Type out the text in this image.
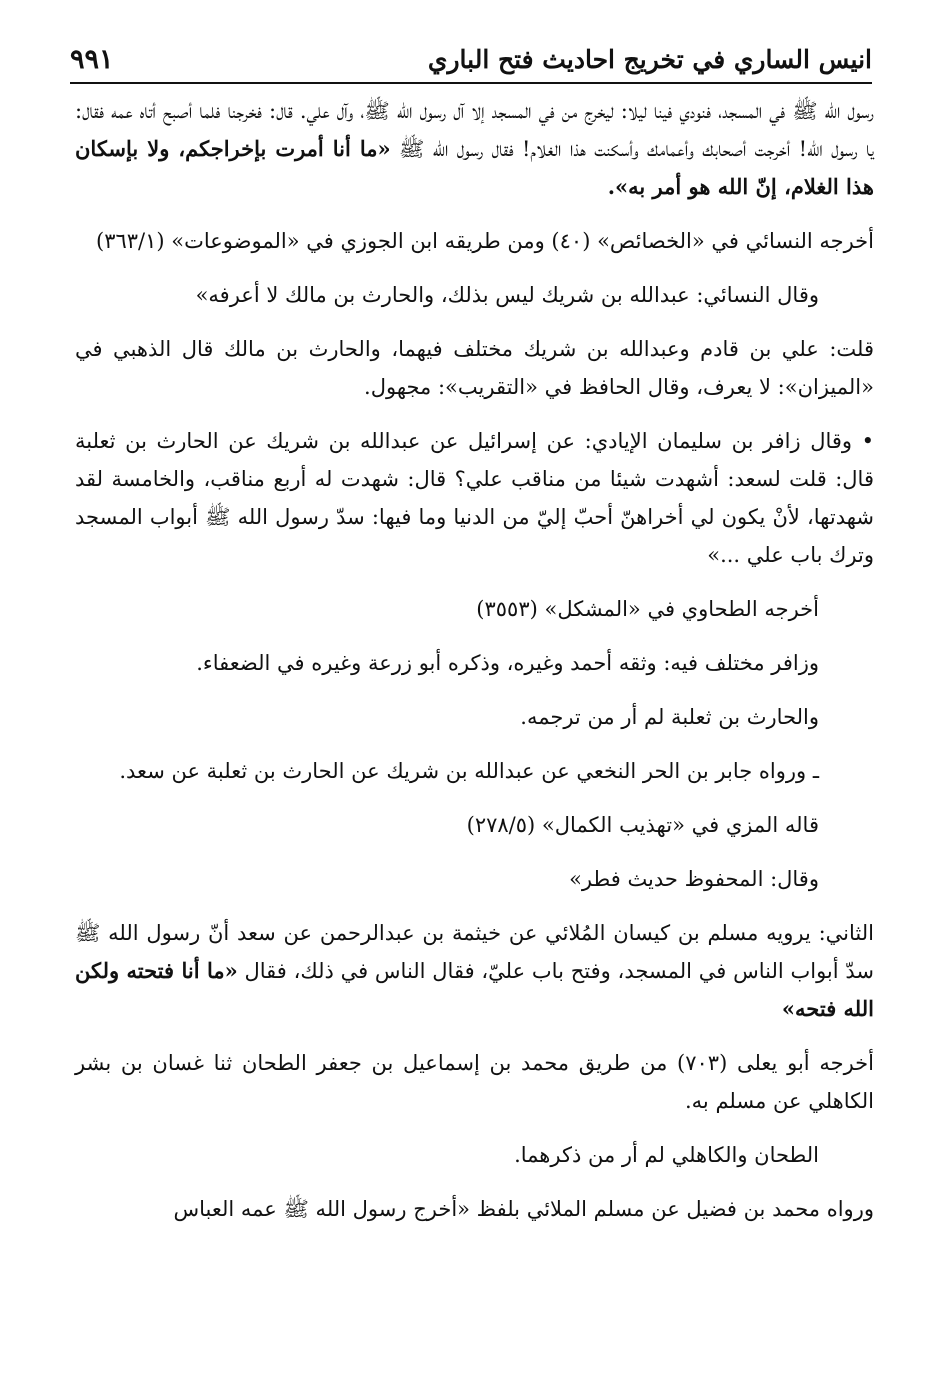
انيس الساري في تخريج احاديث فتح الباري
٩٩١

رسول الله ﷺ في المسجد، فنودي فينا ليلا: ليخرج من في المسجد إلا آل رسول الله ﷺ، وآل علي. قال: فخرجنا فلما أصبح أتاه عمه فقال: يا رسول الله! أخرجت أصحابك وأعمامك وأسكنت هذا الغلام! فقال رسول الله ﷺ «ما أنا أمرت بإخراجكم، ولا بإسكان هذا الغلام، إنّ الله هو أمر به».

أخرجه النسائي في «الخصائص» (٤٠) ومن طريقه ابن الجوزي في «الموضوعات» (٣٦٣/١)

وقال النسائي: عبدالله بن شريك ليس بذلك، والحارث بن مالك لا أعرفه»

قلت: علي بن قادم وعبدالله بن شريك مختلف فيهما، والحارث بن مالك قال الذهبي في «الميزان»: لا يعرف، وقال الحافظ في «التقريب»: مجهول.

• وقال زافر بن سليمان الإيادي: عن إسرائيل عن عبدالله بن شريك عن الحارث بن ثعلبة قال: قلت لسعد: أشهدت شيئا من مناقب علي؟ قال: شهدت له أربع مناقب، والخامسة لقد شهدتها، لأنْ يكون لي أخراهنّ أحبّ إليّ من الدنيا وما فيها: سدّ رسول الله ﷺ أبواب المسجد وترك باب علي ...»

أخرجه الطحاوي في «المشكل» (٣٥٥٣)

وزافر مختلف فيه: وثقه أحمد وغيره، وذكره أبو زرعة وغيره في الضعفاء.

والحارث بن ثعلبة لم أر من ترجمه.

ـ ورواه جابر بن الحر النخعي عن عبدالله بن شريك عن الحارث بن ثعلبة عن سعد.

قاله المزي في «تهذيب الكمال» (٢٧٨/٥)

وقال: المحفوظ حديث فطر»

الثاني: يرويه مسلم بن كيسان المُلائي عن خيثمة بن عبدالرحمن عن سعد أنّ رسول الله ﷺ سدّ أبواب الناس في المسجد، وفتح باب عليّ، فقال الناس في ذلك، فقال «ما أنا فتحته ولكن الله فتحه»

أخرجه أبو يعلى (٧٠٣) من طريق محمد بن إسماعيل بن جعفر الطحان ثنا غسان بن بشر الكاهلي عن مسلم به.

الطحان والكاهلي لم أر من ذكرهما.

ورواه محمد بن فضيل عن مسلم الملائي بلفظ «أخرج رسول الله ﷺ عمه العباس
